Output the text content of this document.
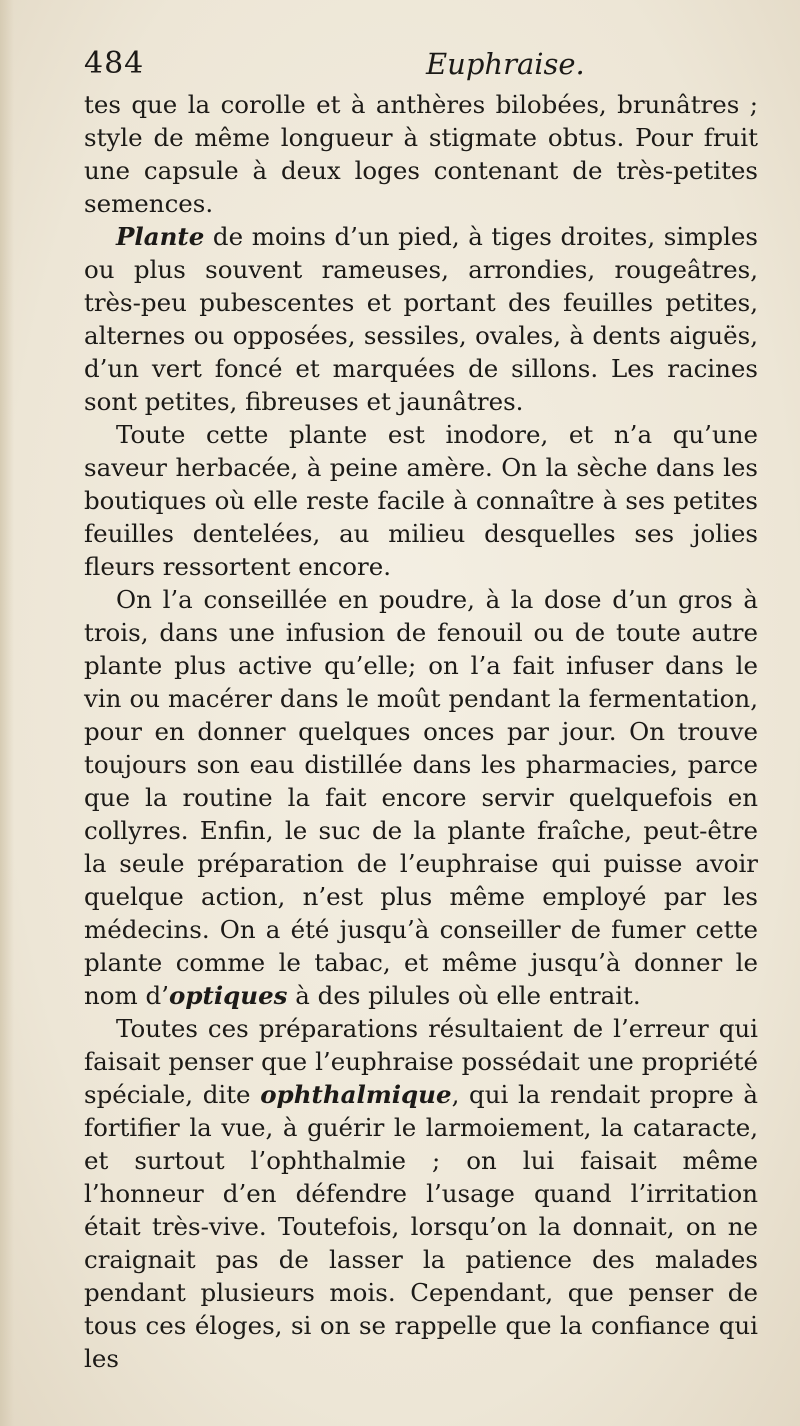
484	Euphraise.

tes que la corolle et à anthères bilobées, brunâtres ; style de même longueur à stigmate obtus. Pour fruit une capsule à deux loges contenant de très-petites semences.

Plante de moins d’un pied, à tiges droites, simples ou plus souvent rameuses, arrondies, rougeâtres, très-peu pubescentes et portant des feuilles petites, alternes ou opposées, sessiles, ovales, à dents aiguës, d’un vert foncé et marquées de sillons. Les racines sont petites, fibreuses et jaunâtres.

Toute cette plante est inodore, et n’a qu’une saveur herbacée, à peine amère. On la sèche dans les boutiques où elle reste facile à connaître à ses petites feuilles dentelées, au milieu desquelles ses jolies fleurs ressortent encore.

On l’a conseillée en poudre, à la dose d’un gros à trois, dans une infusion de fenouil ou de toute autre plante plus active qu’elle; on l’a fait infuser dans le vin ou macérer dans le moût pendant la fermentation, pour en donner quelques onces par jour. On trouve toujours son eau distillée dans les pharmacies, parce que la routine la fait encore servir quelquefois en collyres. Enfin, le suc de la plante fraîche, peut-être la seule préparation de l’euphraise qui puisse avoir quelque action, n’est plus même employé par les médecins. On a été jusqu’à conseiller de fumer cette plante comme le tabac, et même jusqu’à donner le nom d’optiques à des pilules où elle entrait.

Toutes ces préparations résultaient de l’erreur qui faisait penser que l’euphraise possédait une propriété spéciale, dite ophthalmique, qui la rendait propre à fortifier la vue, à guérir le larmoiement, la cataracte, et surtout l’ophthalmie ; on lui faisait même l’honneur d’en défendre l’usage quand l’irritation était très-vive. Toutefois, lorsqu’on la donnait, on ne craignait pas de lasser la patience des malades pendant plusieurs mois. Cependant, que penser de tous ces éloges, si on se rappelle que la confiance qui les
